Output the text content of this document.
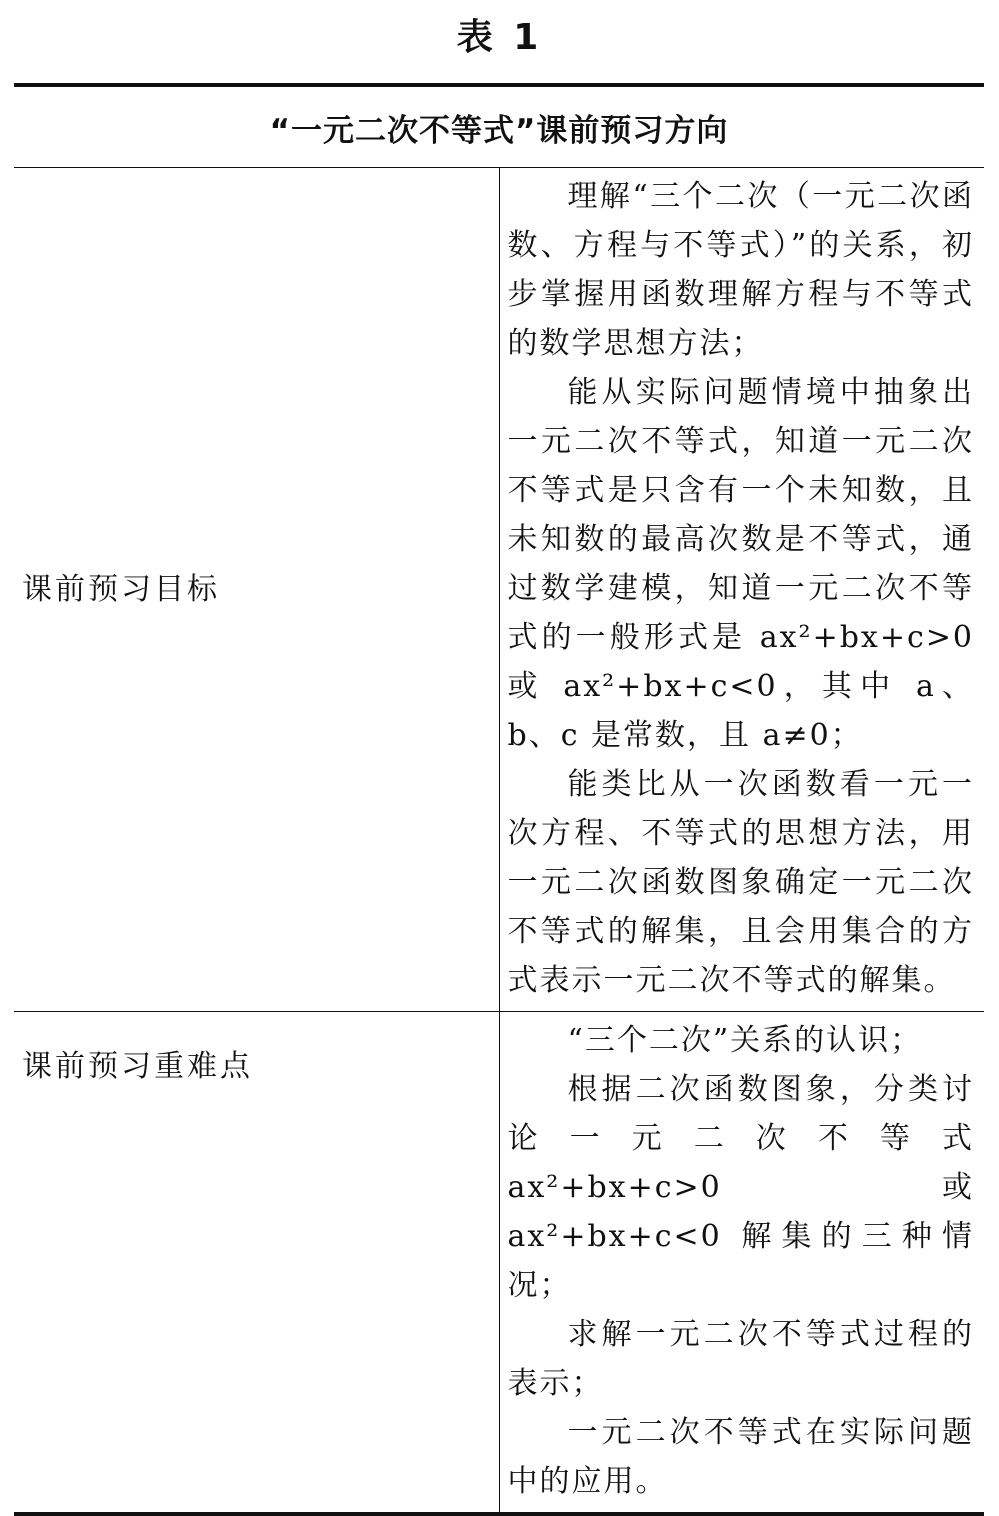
表 1
“一元二次不等式”课前预习方向	
课前预习目标	理解“三个二次（一元二次函数、方程与不等式）”的关系，初步掌握用函数理解方程与不等式的数学思想方法；

能从实际问题情境中抽象出一元二次不等式，知道一元二次不等式是只含有一个未知数，且未知数的最高次数是不等式，通过数学建模，知道一元二次不等式的一般形式是 ax²+bx+c>0 或 ax²+bx+c<0，其中 a、b、c 是常数，且 a≠0；

能类比从一次函数看一元一次方程、不等式的思想方法，用一元二次函数图象确定一元二次不等式的解集，且会用集合的方式表示一元二次不等式的解集。

课前预习重难点	“三个二次”关系的认识；

根据二次函数图象，分类讨论一元二次不等式 ax²+bx+c>0 或 ax²+bx+c<0 解集的三种情况；

求解一元二次不等式过程的表示；

一元二次不等式在实际问题中的应用。
